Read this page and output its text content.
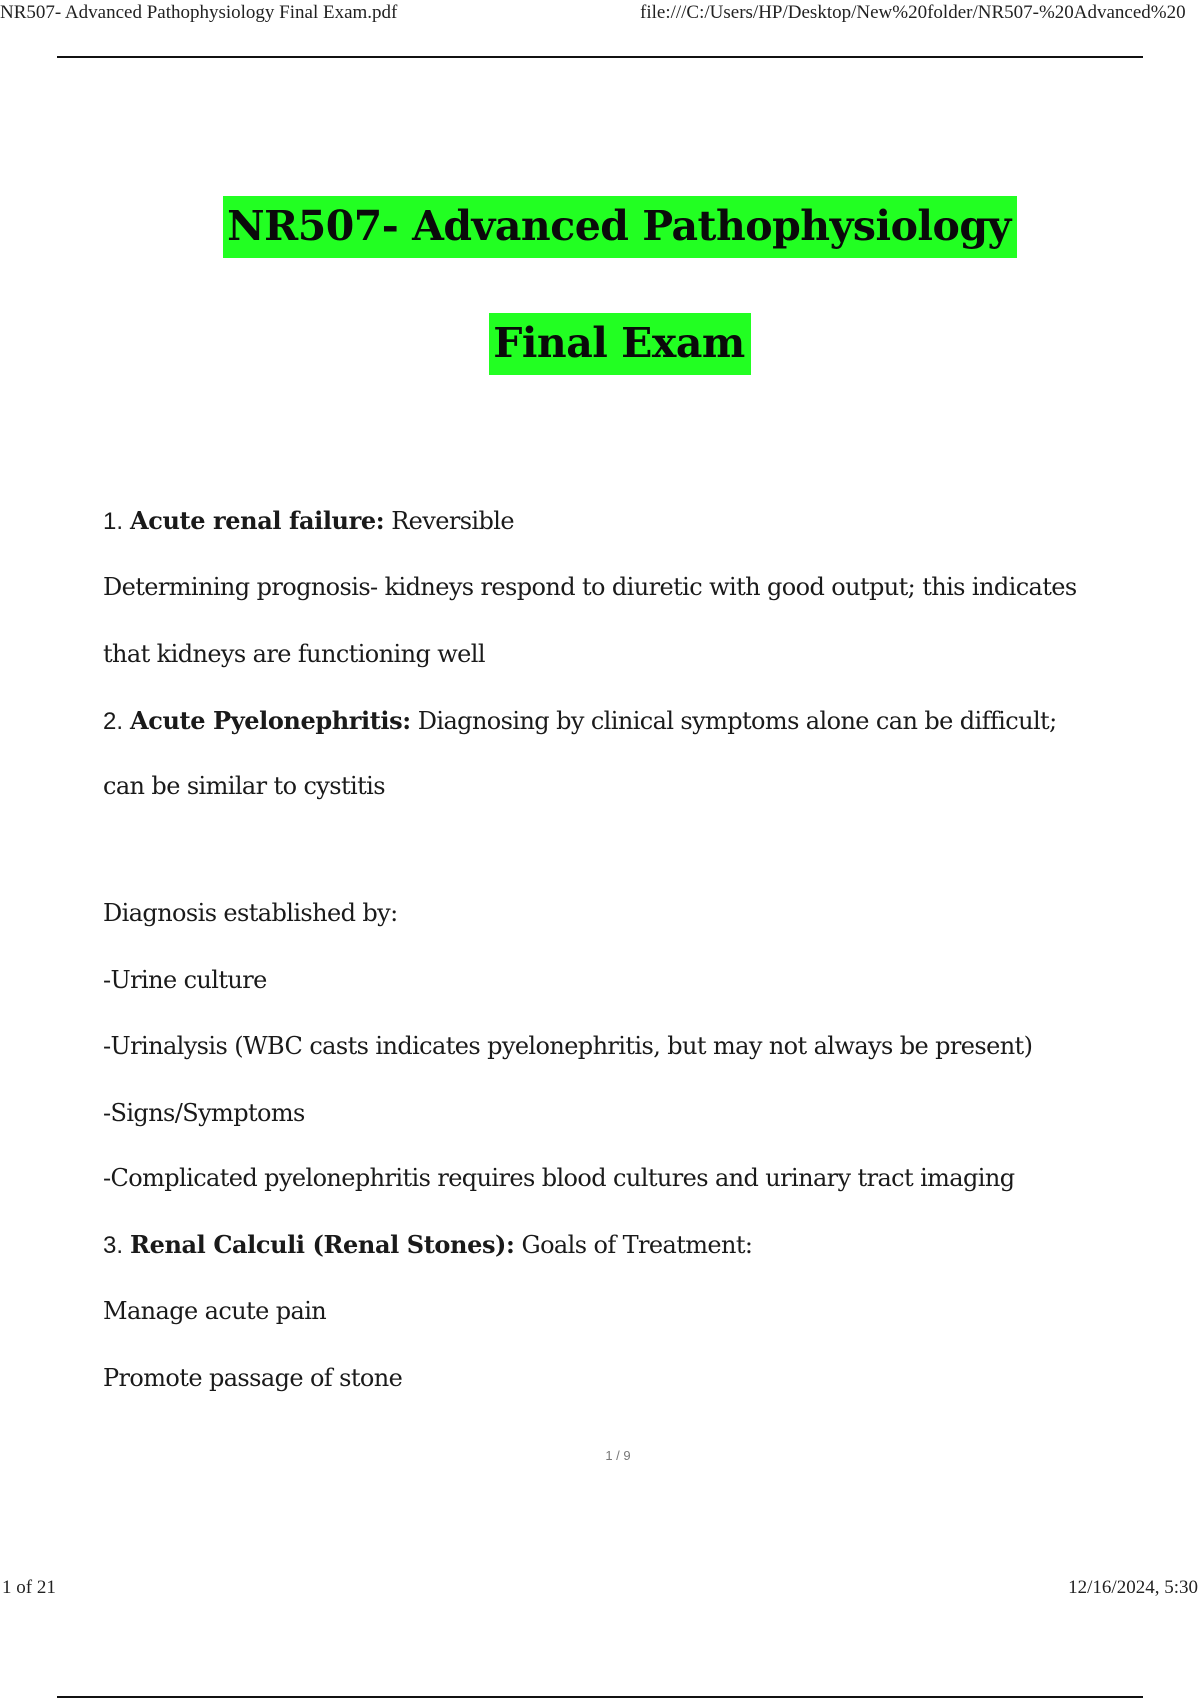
NR507- Advanced Pathophysiology Final Exam.pdf	file:///C:/Users/HP/Desktop/New%20folder/NR507-%20Advanced%20
NR507- Advanced Pathophysiology
Final Exam
1. Acute renal failure: Reversible
Determining prognosis- kidneys respond to diuretic with good output; this indicates
that kidneys are functioning well
2. Acute Pyelonephritis: Diagnosing by clinical symptoms alone can be difficult;
can be similar to cystitis
Diagnosis established by:
-Urine culture
-Urinalysis (WBC casts indicates pyelonephritis, but may not always be present)
-Signs/Symptoms
-Complicated pyelonephritis requires blood cultures and urinary tract imaging
3. Renal Calculi (Renal Stones): Goals of Treatment:
Manage acute pain
Promote passage of stone
1 / 9
1 of 21	12/16/2024, 5:30
